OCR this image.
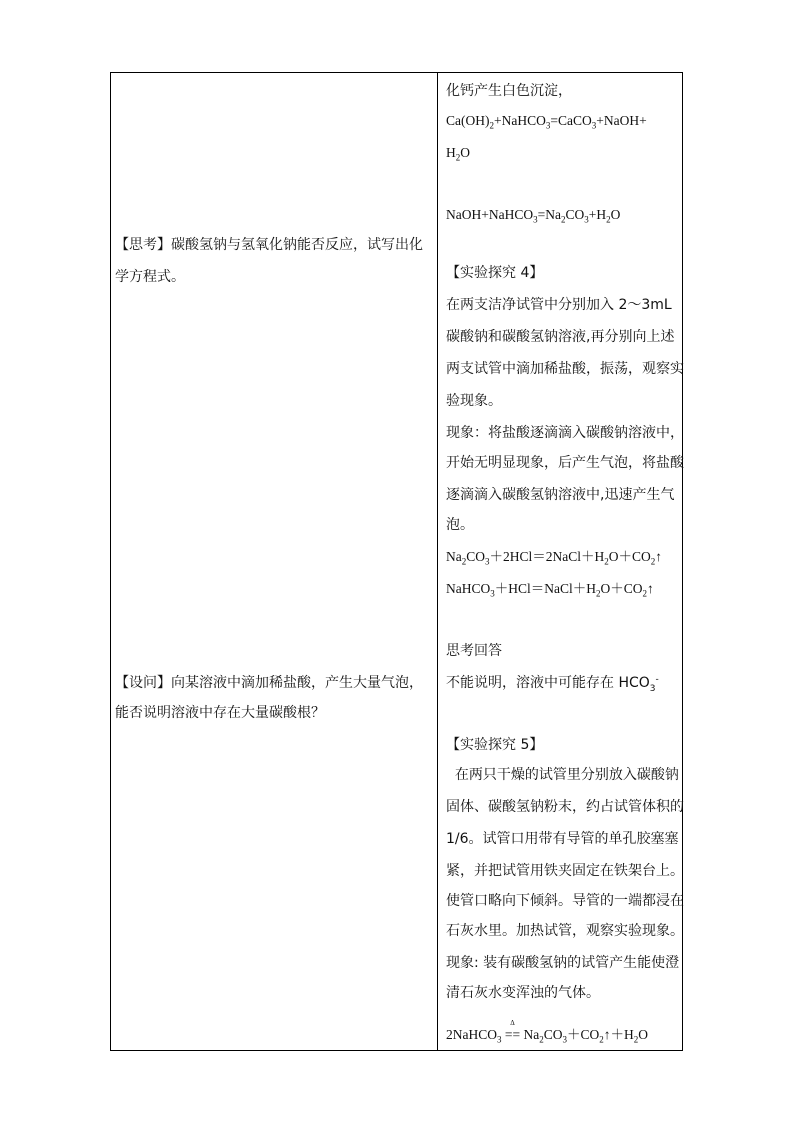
【思考】碳酸氢钠与氢氧化钠能否反应，试写出化
学方程式。
【设问】向某溶液中滴加稀盐酸，产生大量气泡，
能否说明溶液中存在大量碳酸根？
化钙产生白色沉淀，
$Ca(OH)_2+NaHCO_3=CaCO_3+NaOH+$
$H_2O$
$NaOH+NaHCO_3=Na_2CO_3+H_2O$
【实验探究 4】
在两支洁净试管中分别加入 2～3mL
碳酸钠和碳酸氢钠溶液,再分别向上述
两支试管中滴加稀盐酸，振荡，观察实
验现象。
现象：将盐酸逐滴滴入碳酸钠溶液中，
开始无明显现象，后产生气泡，将盐酸
逐滴滴入碳酸氢钠溶液中,迅速产生气
泡。
$Na_2CO_3+2HCl=2NaCl+H_2O+CO_2↑$
$NaHCO_3+HCl=NaCl+H_2O+CO_2↑$
思考回答
不能说明，溶液中可能存在 $HCO_3^-$
【实验探究 5】
在两只干燥的试管里分别放入碳酸钠
固体、碳酸氢钠粉末，约占试管体积的
1/6。试管口用带有导管的单孔胶塞塞
紧，并把试管用铁夹固定在铁架台上。
使管口略向下倾斜。导管的一端都浸在
石灰水里。加热试管，观察实验现象。
现象: 装有碳酸氢钠的试管产生能使澄
清石灰水变浑浊的气体。
2NaHCO$_3$
Δ
== $Na_2CO_3+CO_2↑+H_2O$
